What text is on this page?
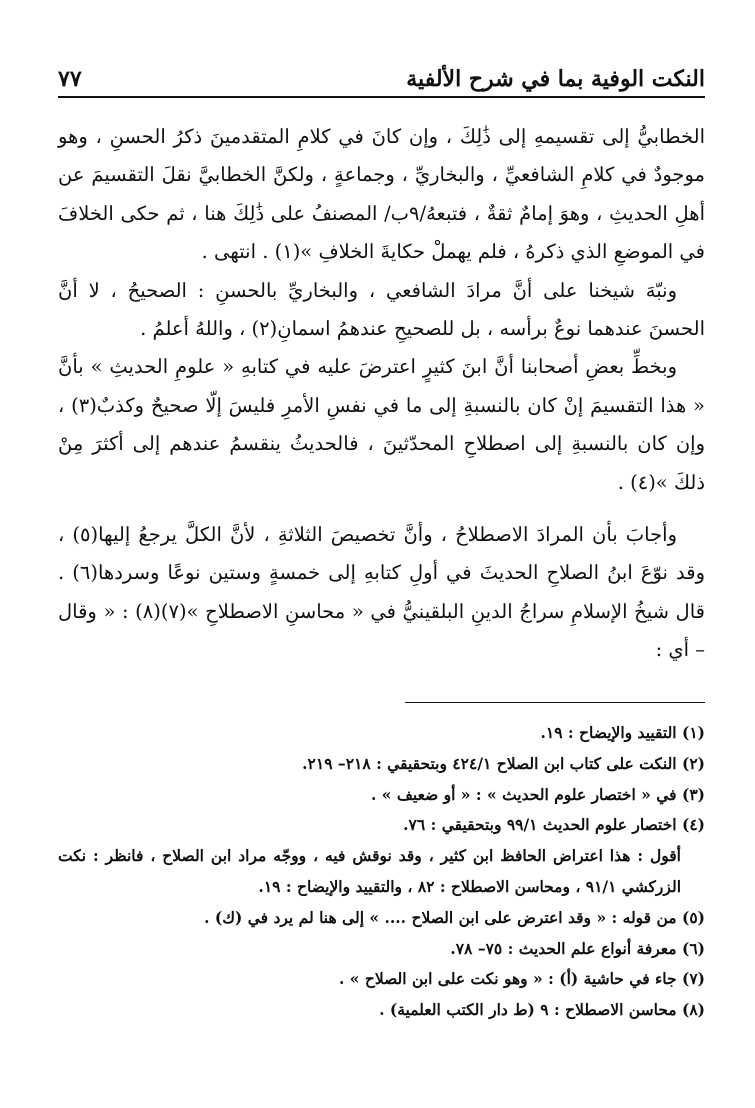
النكت الوفية بما في شرح الألفية
٧٧

الخطابيُّ إلى تقسيمهِ إلى ذَٰلِكَ ، وإن كانَ في كلامِ المتقدمينَ ذكرُ الحسنِ ، وهو موجودٌ في كلامِ الشافعيِّ ، والبخاريِّ ، وجماعةٍ ، ولكنَّ الخطابيَّ نقلَ التقسيمَ عن أهلِ الحديثِ ، وهوَ إمامٌ ثقةٌ ، فتبعهُ/٩ب/ المصنفُ على ذَٰلِكَ هنا ، ثم حكى الخلافَ في الموضعِ الذي ذكرهُ ، فلم يهملْ حكايةَ الخلافِ »(١) . انتهى .

ونبّهَ شيخنا على أنَّ مرادَ الشافعي ، والبخاريِّ بالحسنِ : الصحيحُ ، لا أنَّ الحسنَ عندهما نوعٌ برأسه ، بل للصحيحِ عندهمُ اسمانِ(٢) ، واللهُ أعلمُ .

وبخطِّ بعضِ أصحابنا أنَّ ابنَ كثيرٍ اعترضَ عليه في كتابهِ « علومِ الحديثِ » بأنَّ « هذا التقسيمَ إنْ كان بالنسبةِ إلى ما في نفسِ الأمرِ فليسَ إلّا صحيحٌ وكذبٌ(٣) ، وإن كان بالنسبةِ إلى اصطلاحِ المحدّثينَ ، فالحديثُ ينقسمُ عندهم إلى أكثرَ مِنْ ذلكَ »(٤) .

وأجابَ بأن المرادَ الاصطلاحُ ، وأنَّ تخصيصَ الثلاثةِ ، لأنَّ الكلَّ يرجعُ إليها(٥) ، وقد نوّعَ ابنُ الصلاحِ الحديثَ في أولِ كتابهِ إلى خمسةٍ وستين نوعًا وسردها(٦) . قال شيخُ الإسلامِ سراجُ الدينِ البلقينيُّ في « محاسنِ الاصطلاحِ »(٧)(٨) : « وقال – أي :

(١) التقييد والإيضاح : ١٩.

(٢) النكت على كتاب ابن الصلاح ٤٢٤/١ وبتحقيقي : ٢١٨– ٢١٩.

(٣) في « اختصار علوم الحديث » : « أو ضعيف » .

(٤) اختصار علوم الحديث ٩٩/١ وبتحقيقي : ٧٦.

أقول : هذا اعتراض الحافظ ابن كثير ، وقد نوقش فيه ، ووجّه مراد ابن الصلاح ، فانظر : نكت الزركشي ٩١/١ ، ومحاسن الاصطلاح : ٨٢ ، والتقييد والإيضاح : ١٩.

(٥) من قوله : « وقد اعترض على ابن الصلاح .... » إلى هنا لم يرد في (ك) .

(٦) معرفة أنواع علم الحديث : ٧٥– ٧٨.

(٧) جاء في حاشية (أ) : « وهو نكت على ابن الصلاح » .

(٨) محاسن الاصطلاح : ٩ (ط دار الكتب العلمية) .
